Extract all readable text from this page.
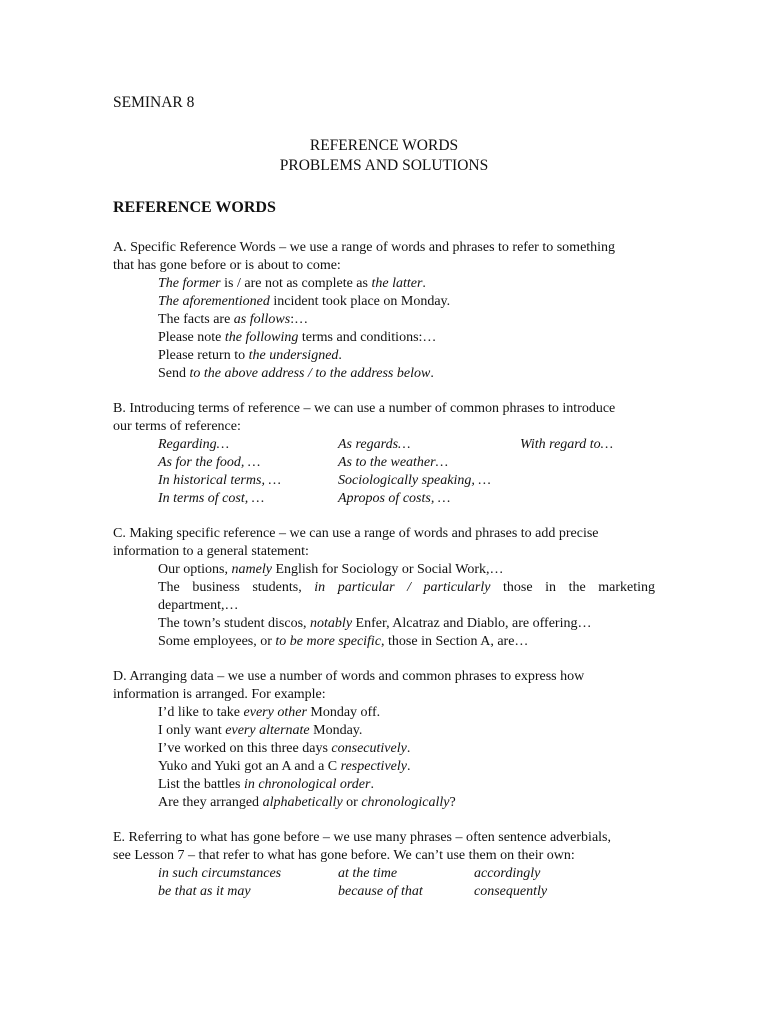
SEMINAR 8
REFERENCE WORDS
PROBLEMS AND SOLUTIONS
REFERENCE WORDS
A. Specific Reference Words – we use a range of words and phrases to refer to something
that has gone before or is about to come:
The former is / are not as complete as the latter.
The aforementioned incident took place on Monday.
The facts are as follows:…
Please note the following terms and conditions:…
Please return to the undersigned.
Send to the above address / to the address below.
B. Introducing terms of reference – we can use a number of common phrases to introduce
our terms of reference:
Regarding…	As regards…	With regard to…
As for the food, …	As to the weather…
In historical terms, …	Sociologically speaking, …
In terms of cost, …	Apropos of costs, …
C. Making specific reference – we can use a range of words and phrases to add precise
information to a general statement:
Our options, namely English for Sociology or Social Work,…
The business students, in particular / particularly those in the marketing
department,…
The town’s student discos, notably Enfer, Alcatraz and Diablo, are offering…
Some employees, or to be more specific, those in Section A, are…
D. Arranging data – we use a number of words and common phrases to express how
information is arranged. For example:
I’d like to take every other Monday off.
I only want every alternate Monday.
I’ve worked on this three days consecutively.
Yuko and Yuki got an A and a C respectively.
List the battles in chronological order.
Are they arranged alphabetically or chronologically?
E. Referring to what has gone before – we use many phrases – often sentence adverbials,
see Lesson 7 – that refer to what has gone before. We can’t use them on their own:
in such circumstances	at the time	accordingly
be that as it may	because of that	consequently
